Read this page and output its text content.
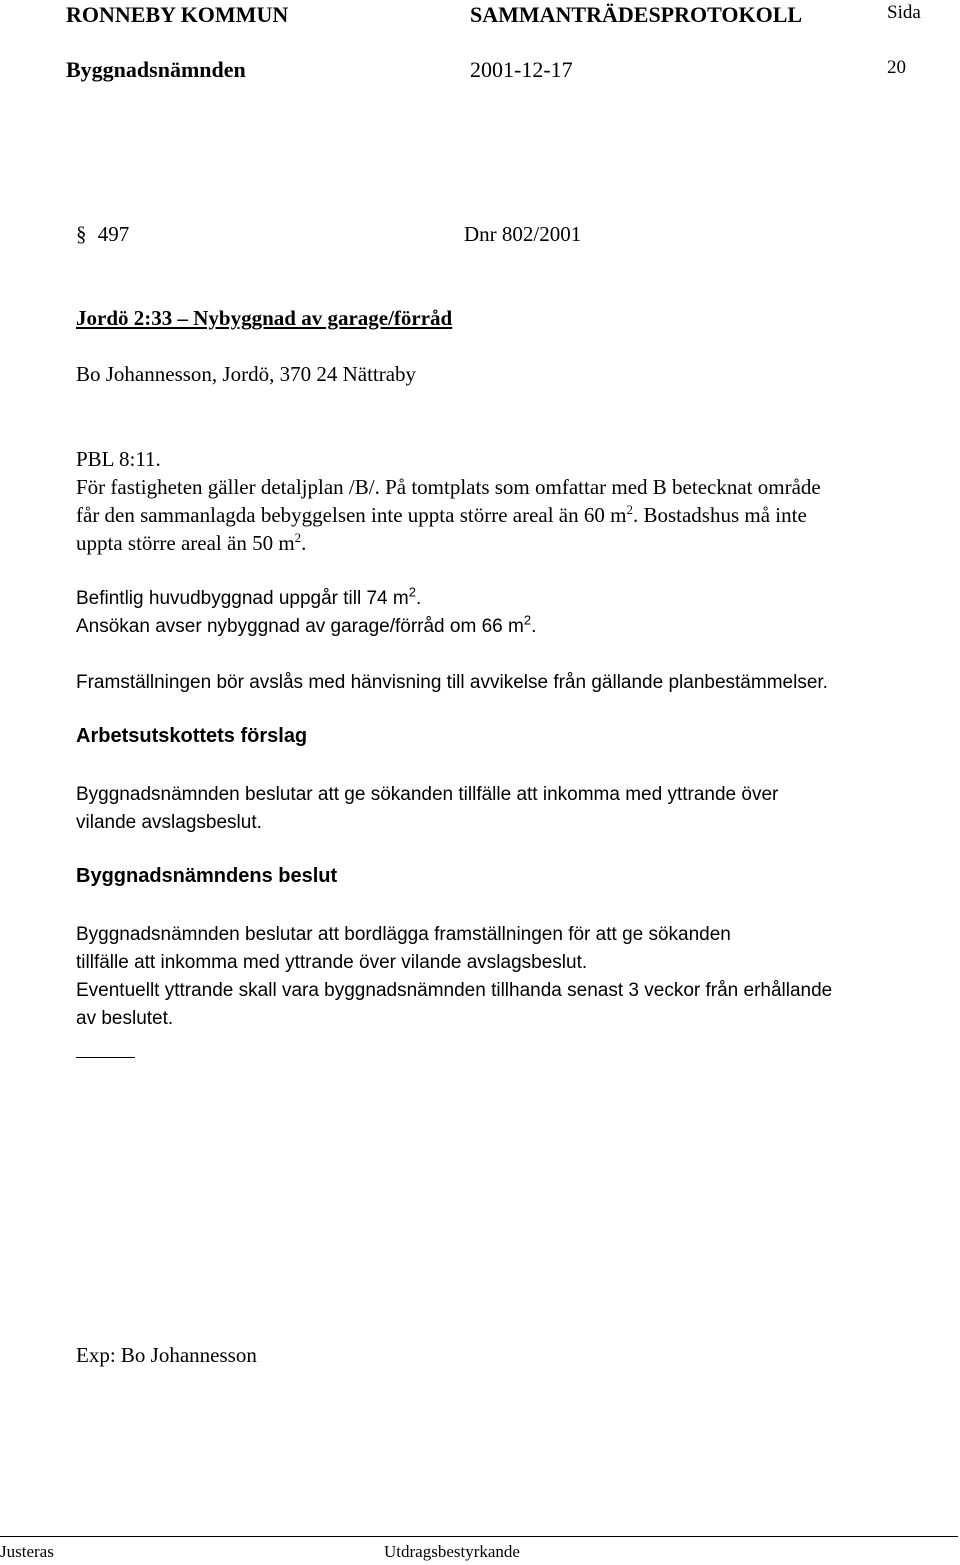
RONNEBY KOMMUN	SAMMANTRÄDESPROTOKOLL	Sida
Byggnadsnämnden	2001-12-17	20
§ 497	Dnr 802/2001
Jordö 2:33 – Nybyggnad av garage/förråd
Bo Johannesson, Jordö, 370 24 Nättraby
PBL 8:11.
För fastigheten gäller detaljplan /B/. På tomtplats som omfattar med B betecknat område
får den sammanlagda bebyggelsen inte uppta större areal än 60 $m^2$. Bostadshus må inte
uppta större areal än 50 $m^2$.
Befintlig huvudbyggnad uppgår till 74 $m^2$.
Ansökan avser nybyggnad av garage/förråd om 66 $m^2$.
Framställningen bör avslås med hänvisning till avvikelse från gällande planbestämmelser.
Arbetsutskottets förslag
Byggnadsnämnden beslutar att ge sökanden tillfälle att inkomma med yttrande över
vilande avslagsbeslut.
Byggnadsnämndens beslut
Byggnadsnämnden beslutar att bordlägga framställningen för att ge sökanden
tillfälle att inkomma med yttrande över vilande avslagsbeslut.
Eventuellt yttrande skall vara byggnadsnämnden tillhanda senast 3 veckor från erhållande
av beslutet.
Exp: Bo Johannesson
Justeras	Utdragsbestyrkande
